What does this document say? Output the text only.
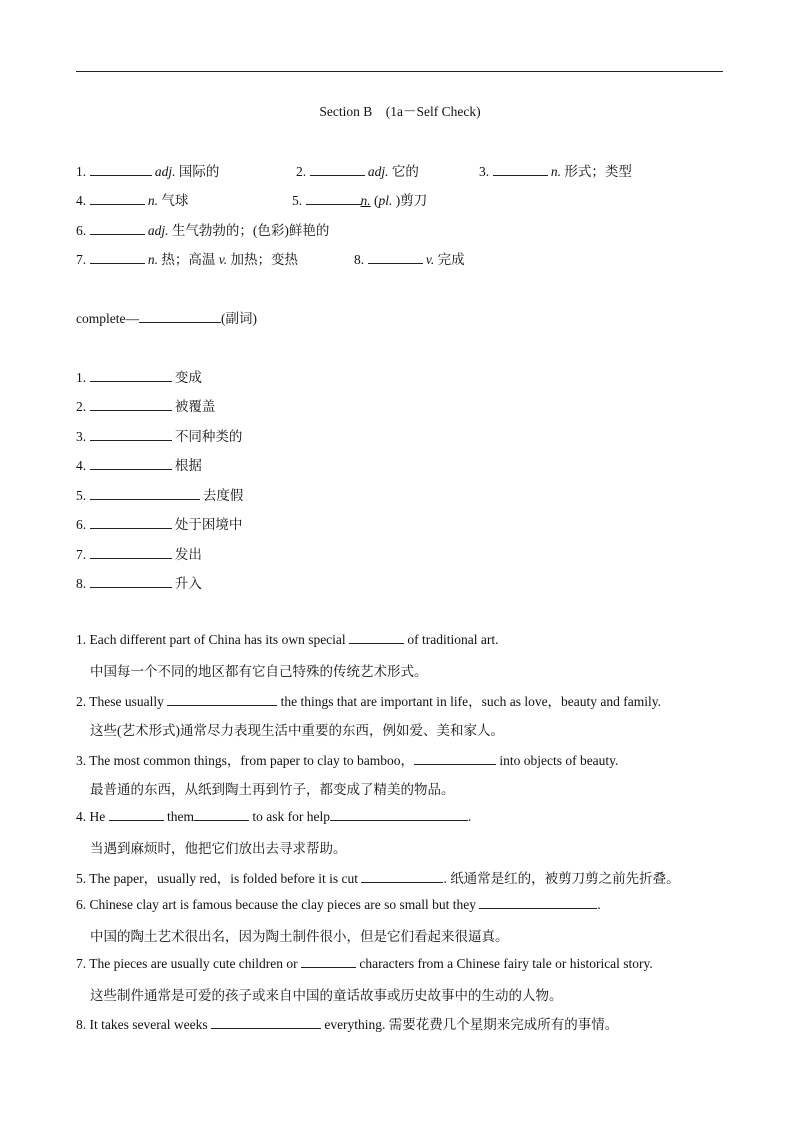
Section B　(1a－Self Check)
1.	adj. 国际的	2.	adj. 它的	3.	n. 形式；类型
4.	n. 气球	5.	n. (pl. )剪刀
6.	adj. 生气勃勃的；(色彩)鲜艳的
7.	n. 热；高温 v. 加热；变热	8.	v. 完成
complete—	(副词)
1.	变成
2.	被覆盖
3.	不同种类的
4.	根据
5.	去度假
6.	处于困境中
7.	发出
8.	升入
1. Each different part of China has its own special	of traditional art.
中国每一个不同的地区都有它自己特殊的传统艺术形式。
2. These usually	the things that are important in life，such as love，beauty and family.
这些(艺术形式)通常尽力表现生活中重要的东西，例如爱、美和家人。
3. The most common things，from paper to clay to bamboo，	into objects of beauty.
最普通的东西，从纸到陶土再到竹子，都变成了精美的物品。
4. He	them	to ask for help	.
当遇到麻烦时，他把它们放出去寻求帮助。
5. The paper，usually red，is folded before it is cut	. 纸通常是红的，被剪刀剪之前先折叠。
6. Chinese clay art is famous because the clay pieces are so small but they	.
中国的陶土艺术很出名，因为陶土制件很小，但是它们看起来很逼真。
7. The pieces are usually cute children or	characters from a Chinese fairy tale or historical story.
这些制件通常是可爱的孩子或来自中国的童话故事或历史故事中的生动的人物。
8. It takes several weeks	everything. 需要花费几个星期来完成所有的事情。
